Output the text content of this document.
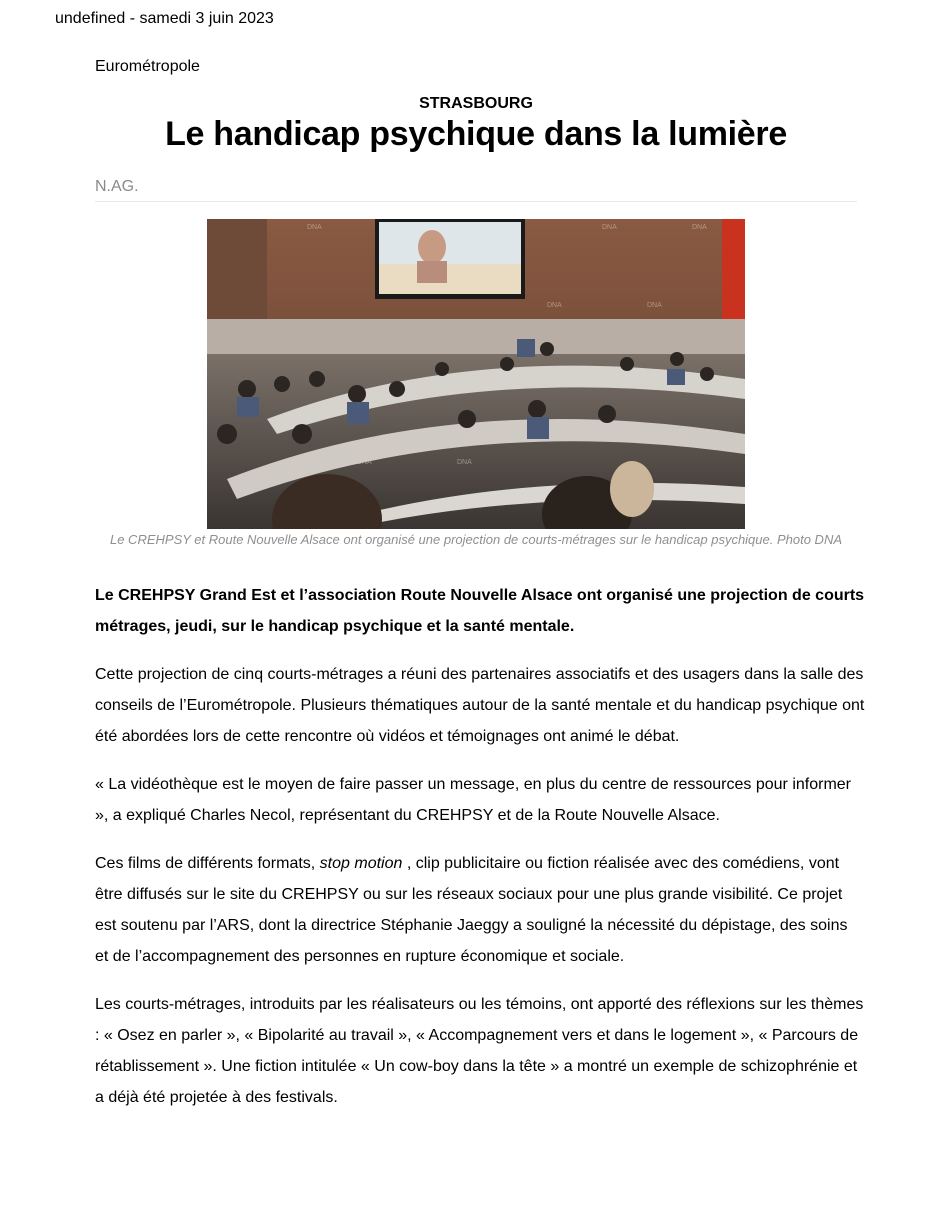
undefined - samedi 3 juin 2023
Eurométropole
STRASBOURG
Le handicap psychique dans la lumière
N.AG.
DNA	DNA	DNA
DNA	DNA
DNA	DNA
Le CREHPSY et Route Nouvelle Alsace ont organisé une projection de courts-métrages sur le handicap psychique. Photo DNA

Le CREHPSY Grand Est et l’association Route Nouvelle Alsace ont organisé une projection de courts métrages, jeudi, sur le handicap psychique et la santé mentale.

Cette projection de cinq courts-métrages a réuni des partenaires associatifs et des usagers dans la salle des conseils de l’Eurométropole. Plusieurs thématiques autour de la santé mentale et du handicap psychique ont été abordées lors de cette rencontre où vidéos et témoignages ont animé le débat.

« La vidéothèque est le moyen de faire passer un message, en plus du centre de ressources pour informer », a expliqué Charles Necol, représentant du CREHPSY et de la Route Nouvelle Alsace.

Ces films de différents formats, stop motion , clip publicitaire ou fiction réalisée avec des comédiens, vont être diffusés sur le site du CREHPSY ou sur les réseaux sociaux pour une plus grande visibilité. Ce projet est soutenu par l’ARS, dont la directrice Stéphanie Jaeggy a souligné la nécessité du dépistage, des soins et de l’accompagnement des personnes en rupture économique et sociale.

Les courts-métrages, introduits par les réalisateurs ou les témoins, ont apporté des réflexions sur les thèmes : « Osez en parler », « Bipolarité au travail », « Accompagnement vers et dans le logement », « Parcours de rétablissement ». Une fiction intitulée « Un cow-boy dans la tête » a montré un exemple de schizophrénie et a déjà été projetée à des festivals.
